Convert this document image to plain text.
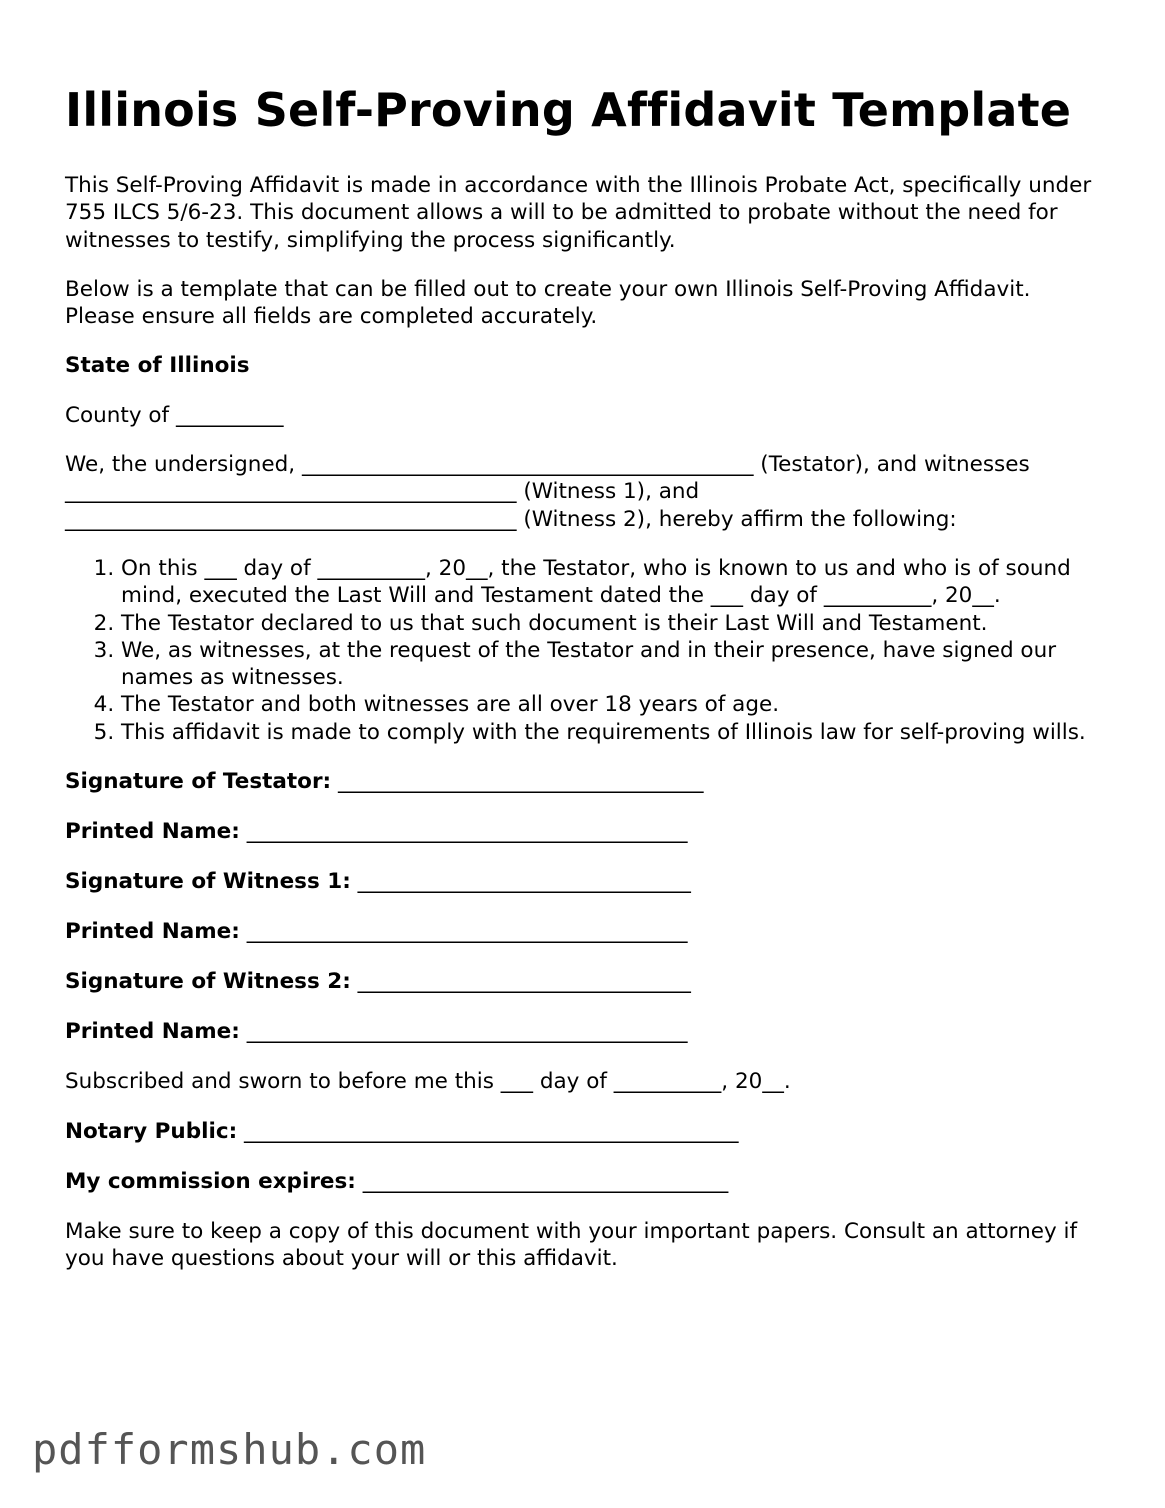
Illinois Self-Proving Affidavit Template

This Self-Proving Affidavit is made in accordance with the Illinois Probate Act, specifically under 755 ILCS 5/6-23. This document allows a will to be admitted to probate without the need for witnesses to testify, simplifying the process significantly.

Below is a template that can be filled out to create your own Illinois Self-Proving Affidavit. Please ensure all fields are completed accurately.

State of Illinois

County of __________

We, the undersigned, __________________________________________ (Testator), and witnesses
__________________________________________ (Witness 1), and
__________________________________________ (Witness 2), hereby affirm the following:

1. On this ___ day of __________, 20__, the Testator, who is known to us and who is of sound mind, executed the Last Will and Testament dated the ___ day of __________, 20__.
2. The Testator declared to us that such document is their Last Will and Testament.
3. We, as witnesses, at the request of the Testator and in their presence, have signed our names as witnesses.
4. The Testator and both witnesses are all over 18 years of age.
5. This affidavit is made to comply with the requirements of Illinois law for self-proving wills.
Signature of Testator: __________________________________
Printed Name: _________________________________________
Signature of Witness 1: _______________________________
Printed Name: _________________________________________
Signature of Witness 2: _______________________________
Printed Name: _________________________________________
Subscribed and sworn to before me this ___ day of __________, 20__.
Notary Public: ______________________________________________
My commission expires: __________________________________

Make sure to keep a copy of this document with your important papers. Consult an attorney if you have questions about your will or this affidavit.

pdfformshub.com
